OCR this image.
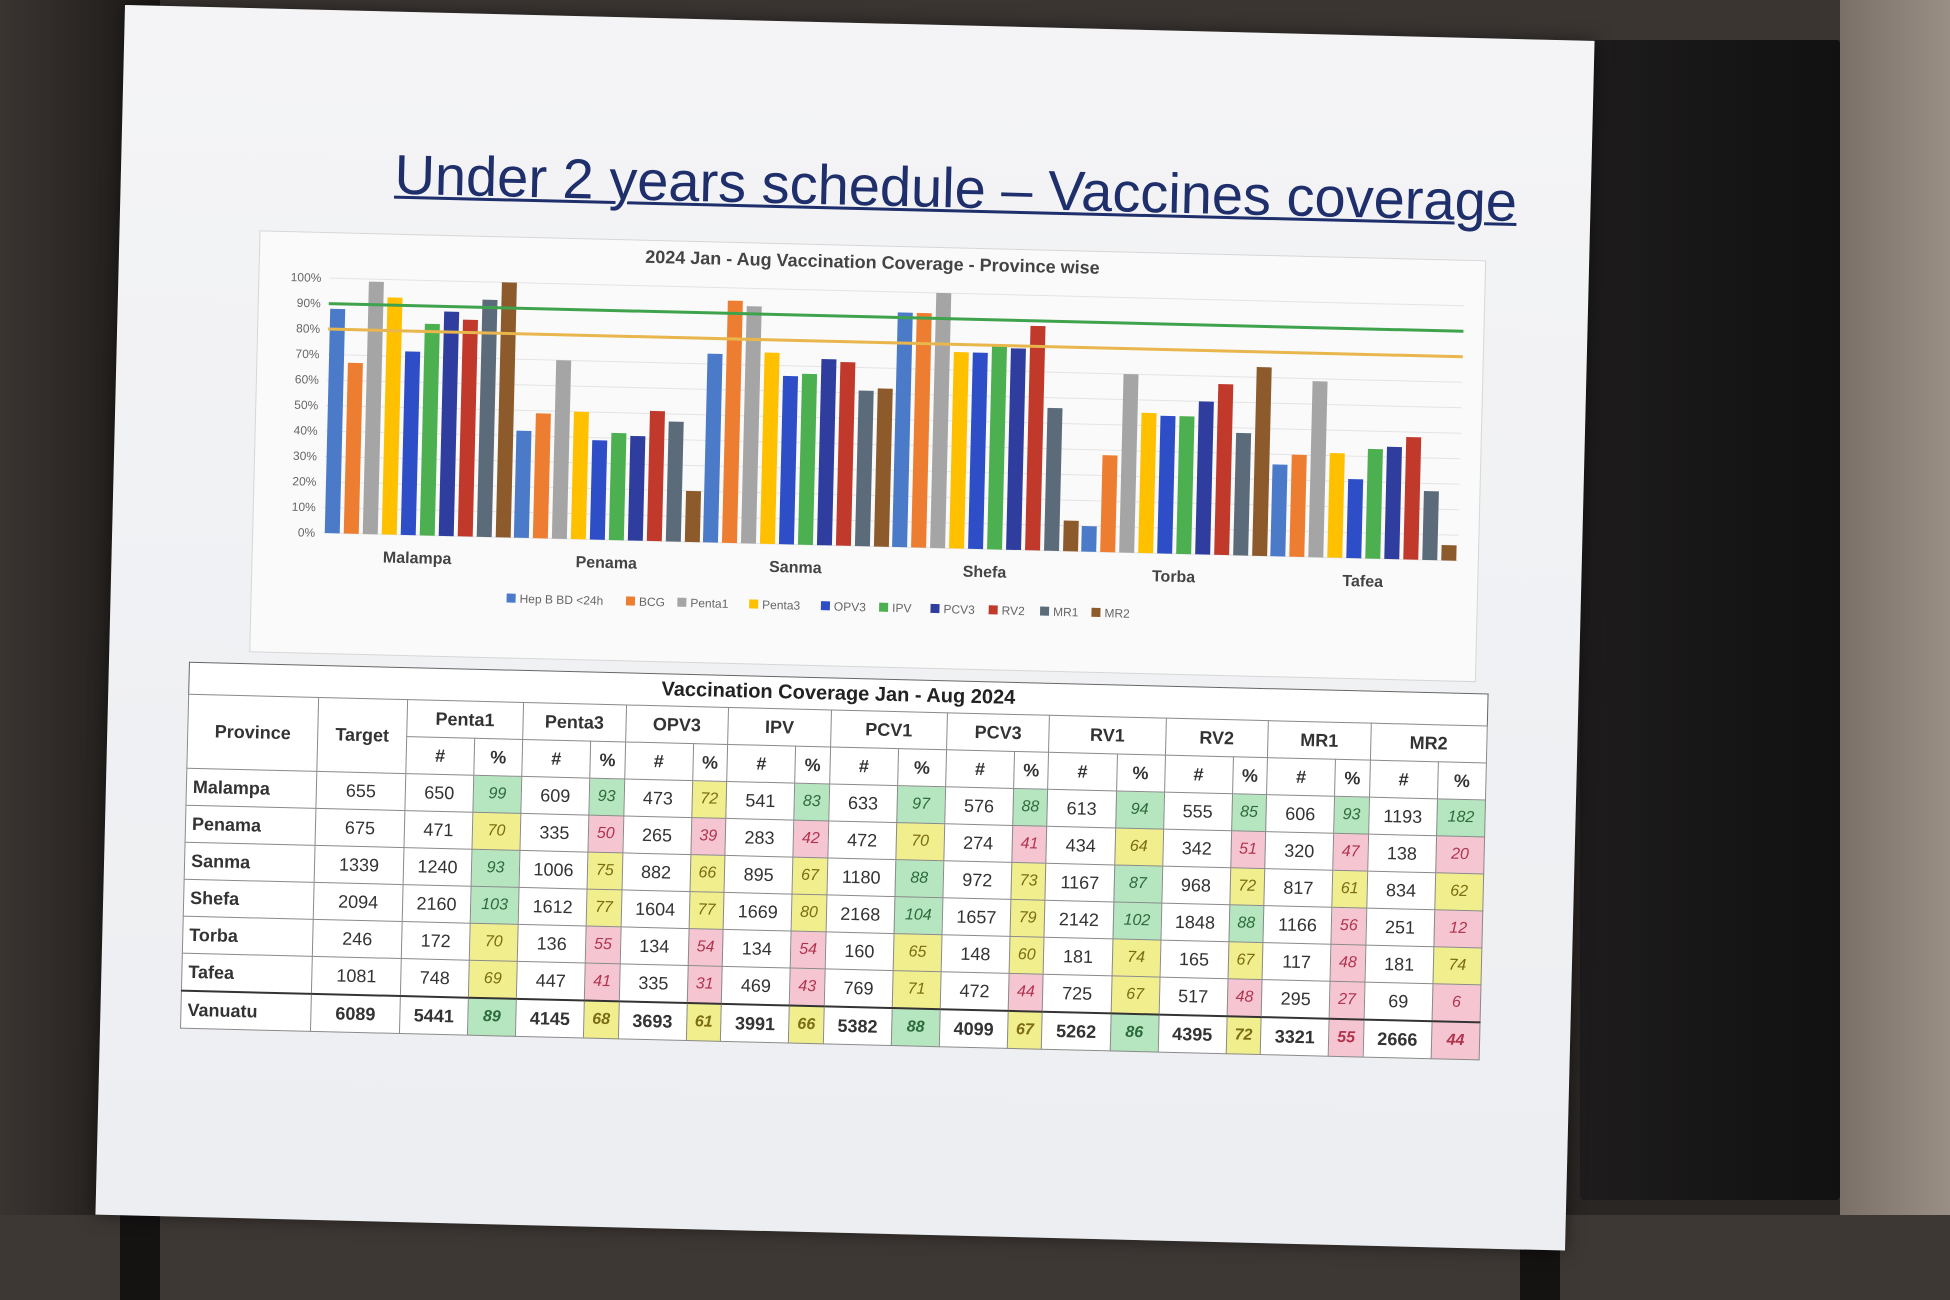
Under 2 years schedule – Vaccines coverage
2024 Jan - Aug Vaccination Coverage - Province wise
0%
10%
20%
30%
40%
50%
60%
70%
80%
90%
100%
Malampa	Penama	Sanma	Shefa	Torba	Tafea
Hep B BD <24h	BCG Penta1	Penta3	OPV3 IPV	PCV3 RV2 MR1 MR2
Vaccination Coverage Jan - Aug 2024
Province	Target	Penta1		Penta3		OPV3		IPV		PCV1		PCV3		RV1		RV2		MR1		MR2	
		#	%	#	%	#	%	#	%	#	%	#	%	#	%	#	%	#	%	#	%
Malampa	655	650	99	609	93	473	72	541	83	633	97	576	88	613	94	555	85	606	93	1193	182
Penama	675	471	70	335	50	265	39	283	42	472	70	274	41	434	64	342	51	320	47	138	20
Sanma	1339	1240	93	1006	75	882	66	895	67	1180	88	972	73	1167	87	968	72	817	61	834	62
Shefa	2094	2160	103	1612	77	1604	77	1669	80	2168	104	1657	79	2142	102	1848	88	1166	56	251	12
Torba	246	172	70	136	55	134	54	134	54	160	65	148	60	181	74	165	67	117	48	181	74
Tafea	1081	748	69	447	41	335	31	469	43	769	71	472	44	725	67	517	48	295	27	69	6
Vanuatu	6089	5441	89	4145	68	3693	61	3991	66	5382	88	4099	67	5262	86	4395	72	3321	55	2666	44
